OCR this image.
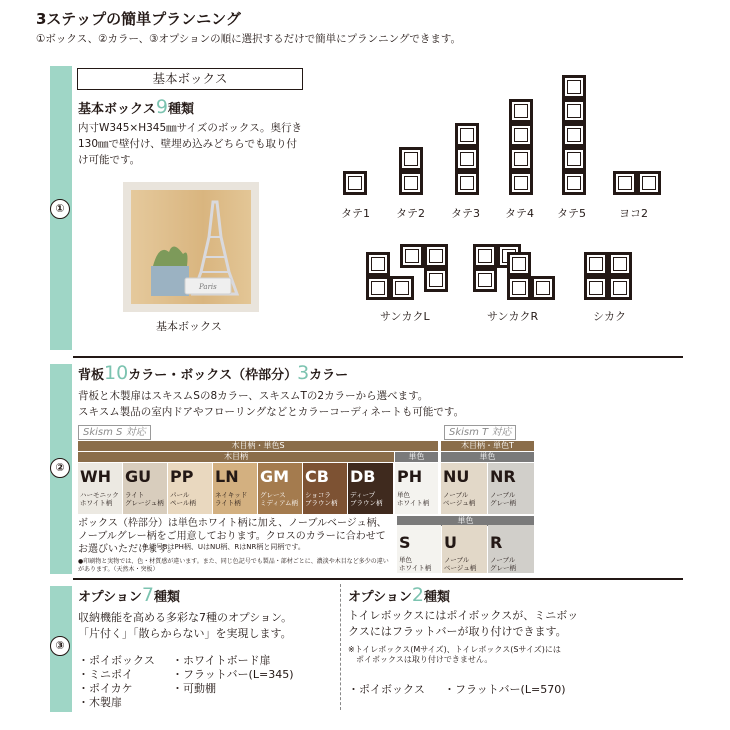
3ステップの簡単プランニング
①ボックス、②カラー、③オプションの順に選択するだけで簡単にプランニングできます。
①
②
③
基本ボックス
基本ボックス9種類
内寸W345×H345㎜サイズのボックス。奥行き130㎜で壁付け、壁埋め込みどちらでも取り付け可能です。
Paris
基本ボックス
タテ1 タテ2 タテ3 タテ4 タテ5	ヨコ2
サンカクL	サンカクR	シカク
背板10カラー・ボックス（枠部分）3カラー
背板と木製扉はスキスムSの8カラー、スキスムTの2カラーから選べます。
スキスム製品の室内ドアやフローリングなどとカラーコーディネートも可能です。
Skism S 対応	Skism T 対応
木目柄・単色S
木目柄	単色
木目柄・単色T
単色
WH
ハーモニック
ホワイト柄
GU
ライト
グレージュ柄
PP
パール
ペール柄
LN
ネイキッド
ライト柄
GM
グレース
ミディアム柄
CB
ショコラ
ブラウン柄
DB
ディープ
ブラウン柄
PH
単色
ホワイト柄
NU
ノーブル
ベージュ柄
NR
ノーブル
グレー柄
ボックス（枠部分）は単色ホワイト柄に加え、ノーブルベージュ柄、ノーブルグレー柄をご用意しております。クロスのカラーに合わせてお選びいただけます。
色記号SはPH柄、UはNU柄、RはNR柄と同柄です。
●印刷物と実物では、色・材質感が違います。また、同じ色記号でも製品・部材ごとに、濃淡や木目など多少の違いがあります。（天然木・突板）
単色
S
単色
ホワイト柄
U
ノーブル
ベージュ柄
R
ノーブル
グレー柄
オプション7種類
収納機能を高める多彩な7種のオプション。
「片付く」「散らからない」を実現します。
・ポイボックス
・ミニポイ
・ポイカケ
・木製扉
・ホワイトボード扉
・フラットバー(L=345)
・可動棚
オプション2種類
トイレボックスにはポイボックスが、ミニボックスにはフラットバーが取り付けできます。
※トイレボックス(Mサイズ)、トイレボックス(Sサイズ)には
　ポイボックスは取り付けできません。
・ポイボックス ・フラットバー(L=570)
